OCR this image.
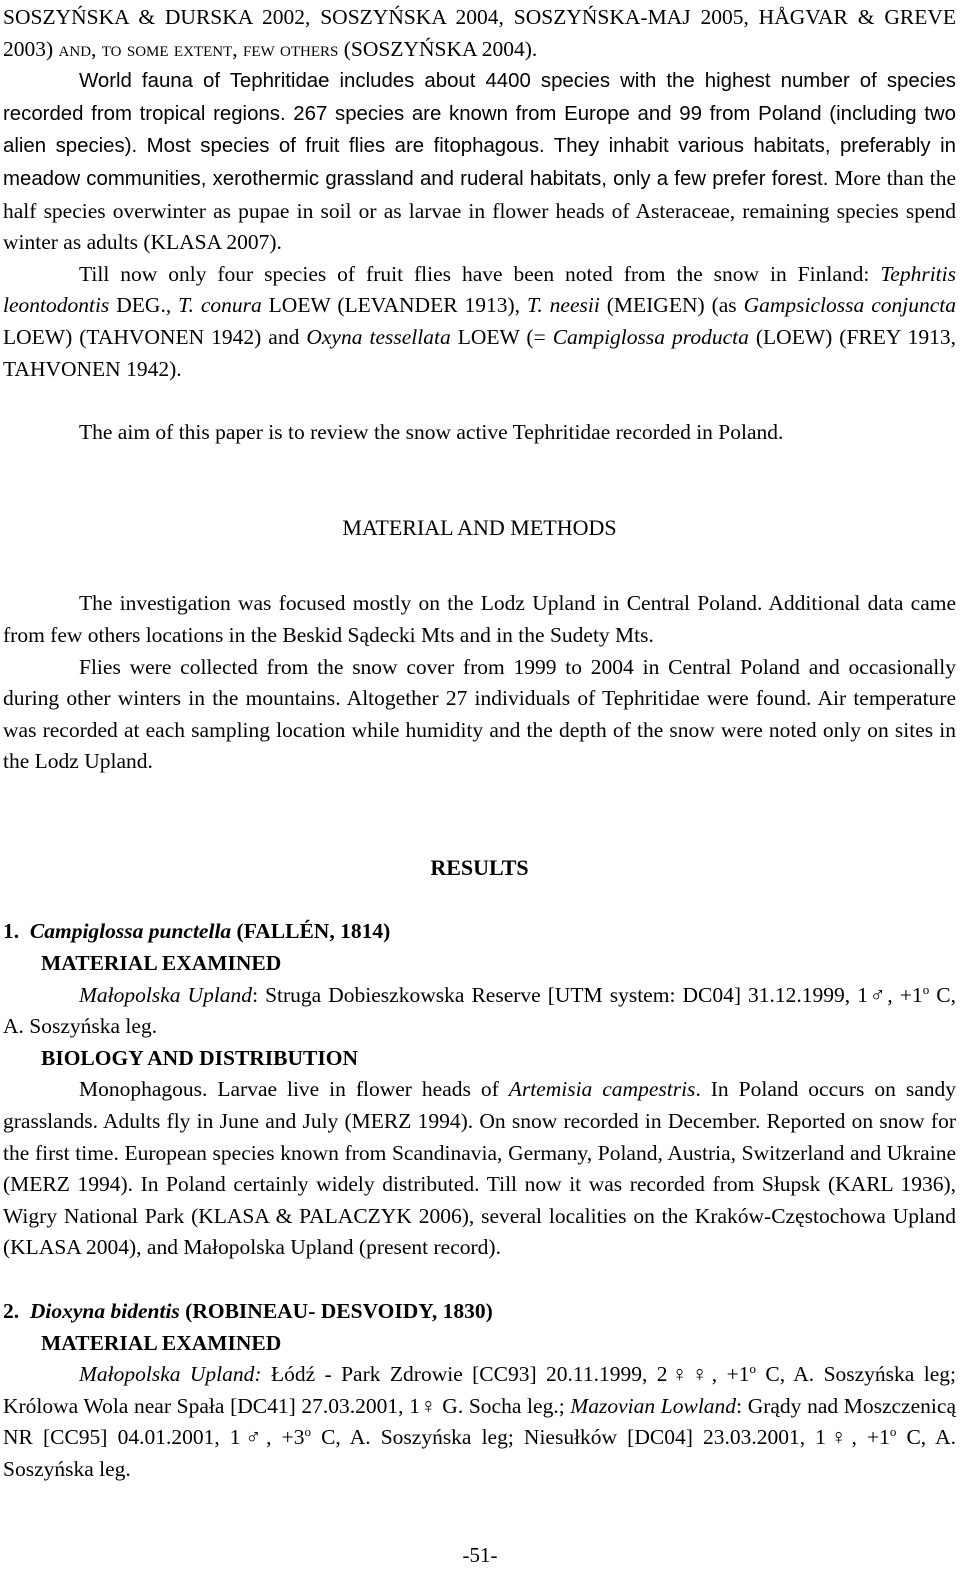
SOSZYŃSKA & DURSKA 2002, SOSZYŃSKA 2004, SOSZYŃSKA-MAJ 2005, HÅGVAR & GREVE 2003) and, to some extent, few others (SOSZYŃSKA 2004).

World fauna of Tephritidae includes about 4400 species with the highest number of species recorded from tropical regions. 267 species are known from Europe and 99 from Poland (including two alien species). Most species of fruit flies are fitophagous. They inhabit various habitats, preferably in meadow communities, xerothermic grassland and ruderal habitats, only a few prefer forest. More than the half species overwinter as pupae in soil or as larvae in flower heads of Asteraceae, remaining species spend winter as adults (KLASA 2007).

Till now only four species of fruit flies have been noted from the snow in Finland: Tephritis leontodontis DEG., T. conura LOEW (LEVANDER 1913), T. neesii (MEIGEN) (as Gampsiclossa conjuncta LOEW) (TAHVONEN 1942) and Oxyna tessellata LOEW (= Campiglossa producta (LOEW) (FREY 1913, TAHVONEN 1942).

The aim of this paper is to review the snow active Tephritidae recorded in Poland.

MATERIAL AND METHODS

The investigation was focused mostly on the Lodz Upland in Central Poland. Additional data came from few others locations in the Beskid Sądecki Mts and in the Sudety Mts.

Flies were collected from the snow cover from 1999 to 2004 in Central Poland and occasionally during other winters in the mountains. Altogether 27 individuals of Tephritidae were found. Air temperature was recorded at each sampling location while humidity and the depth of the snow were noted only on sites in the Lodz Upland.

RESULTS

1. Campiglossa punctella (FALLÉN, 1814)

MATERIAL EXAMINED

Małopolska Upland: Struga Dobieszkowska Reserve [UTM system: DC04] 31.12.1999, 1♂, $+1^o$ C, A. Soszyńska leg.

BIOLOGY AND DISTRIBUTION

Monophagous. Larvae live in flower heads of Artemisia campestris. In Poland occurs on sandy grasslands. Adults fly in June and July (MERZ 1994). On snow recorded in December. Reported on snow for the first time. European species known from Scandinavia, Germany, Poland, Austria, Switzerland and Ukraine (MERZ 1994). In Poland certainly widely distributed. Till now it was recorded from Słupsk (KARL 1936), Wigry National Park (KLASA & PALACZYK 2006), several localities on the Kraków-Częstochowa Upland (KLASA 2004), and Małopolska Upland (present record).

2. Dioxyna bidentis (ROBINEAU- DESVOIDY, 1830)

MATERIAL EXAMINED

Małopolska Upland: Łódź - Park Zdrowie [CC93] 20.11.1999, 2♀♀, $+1^o$ C, A. Soszyńska leg; Królowa Wola near Spała [DC41] 27.03.2001, 1♀ G. Socha leg.; Mazovian Lowland: Grądy nad Moszczenicą NR [CC95] 04.01.2001, 1♂, $+3^o$ C, A. Soszyńska leg; Niesułków [DC04] 23.03.2001, 1♀, $+1^o$ C, A. Soszyńska leg.

-51-
